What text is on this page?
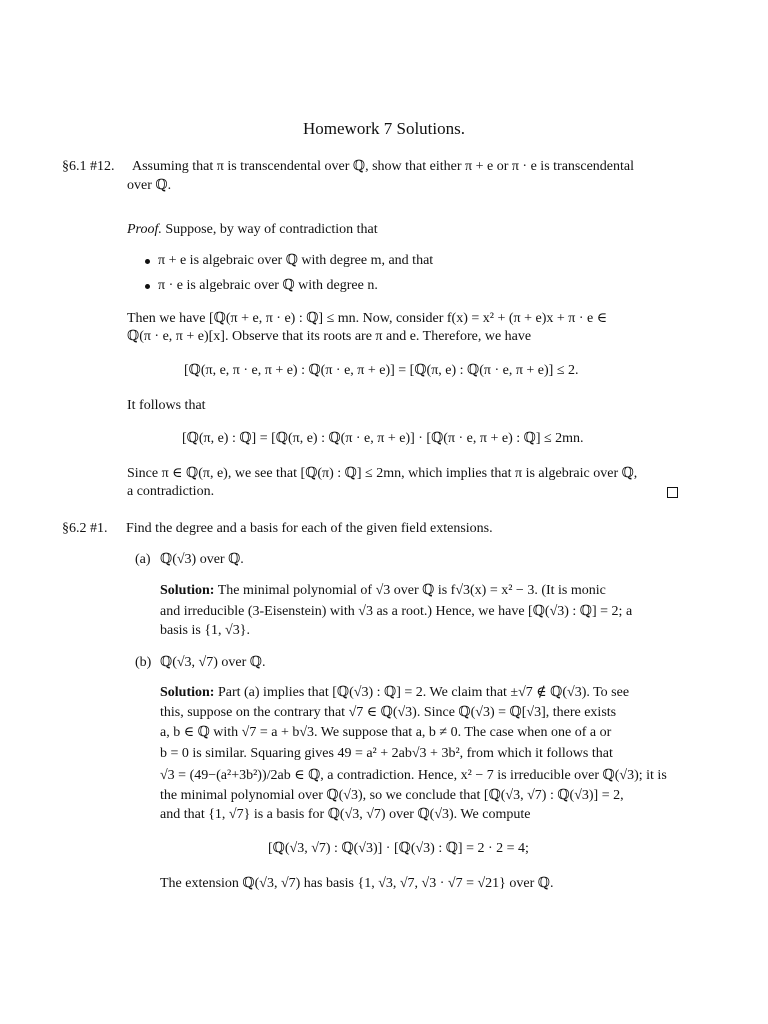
Homework 7 Solutions.
§6.1 #12. Assuming that π is transcendental over ℚ, show that either π + e or π · e is transcendental
over ℚ.
Proof. Suppose, by way of contradiction that
π + e is algebraic over ℚ with degree m, and that
π · e is algebraic over ℚ with degree n.
Then we have [ℚ(π + e, π · e) : ℚ] ≤ mn. Now, consider f(x) = x² + (π + e)x + π · e ∈
ℚ(π · e, π + e)[x]. Observe that its roots are π and e. Therefore, we have
[ℚ(π, e, π · e, π + e) : ℚ(π · e, π + e)] = [ℚ(π, e) : ℚ(π · e, π + e)] ≤ 2.
It follows that
[ℚ(π, e) : ℚ] = [ℚ(π, e) : ℚ(π · e, π + e)] · [ℚ(π · e, π + e) : ℚ] ≤ 2mn.
Since π ∈ ℚ(π, e), we see that [ℚ(π) : ℚ] ≤ 2mn, which implies that π is algebraic over ℚ,
a contradiction.
§6.2 #1. Find the degree and a basis for each of the given field extensions.
(a) ℚ(√3) over ℚ.
Solution: The minimal polynomial of √3 over ℚ is f√3(x) = x² − 3. (It is monic
and irreducible (3-Eisenstein) with √3 as a root.) Hence, we have [ℚ(√3) : ℚ] = 2; a
basis is {1, √3}.
(b) ℚ(√3, √7) over ℚ.
Solution: Part (a) implies that [ℚ(√3) : ℚ] = 2. We claim that ±√7 ∉ ℚ(√3). To see
this, suppose on the contrary that √7 ∈ ℚ(√3). Since ℚ(√3) = ℚ[√3], there exists
a, b ∈ ℚ with √7 = a + b√3. We suppose that a, b ≠ 0. The case when one of a or
b = 0 is similar. Squaring gives 49 = a² + 2ab√3 + 3b², from which it follows that
√3 = (49−(a²+3b²))/2ab ∈ ℚ, a contradiction. Hence, x² − 7 is irreducible over ℚ(√3); it is
the minimal polynomial over ℚ(√3), so we conclude that [ℚ(√3, √7) : ℚ(√3)] = 2,
and that {1, √7} is a basis for ℚ(√3, √7) over ℚ(√3). We compute
[ℚ(√3, √7) : ℚ(√3)] · [ℚ(√3) : ℚ] = 2 · 2 = 4;
The extension ℚ(√3, √7) has basis {1, √3, √7, √3 · √7 = √21} over ℚ.
